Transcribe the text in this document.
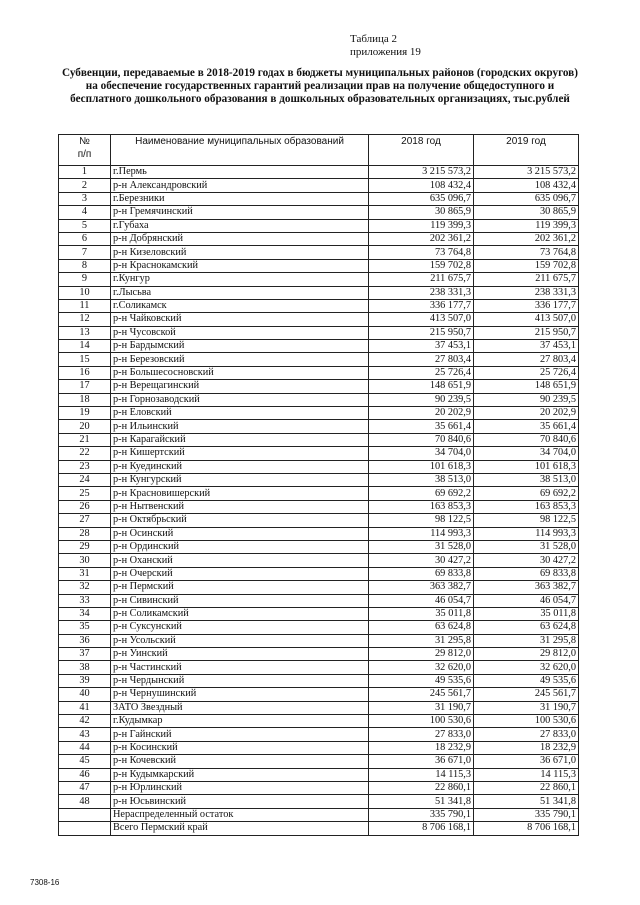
Таблица 2
приложения 19
Субвенции, передаваемые в 2018-2019 годах в бюджеты муниципальных районов (городских округов) на обеспечение государственных гарантий реализации прав на получение общедоступного и бесплатного дошкольного образования в дошкольных образовательных организациях, тыс.рублей
№
п/п	Наименование муниципальных образований	2018 год	2019 год
1	г.Пермь	3 215 573,2	3 215 573,2
2	р-н Александровский	108 432,4	108 432,4
3	г.Березники	635 096,7	635 096,7
4	р-н Гремячинский	30 865,9	30 865,9
5	г.Губаха	119 399,3	119 399,3
6	р-н Добрянский	202 361,2	202 361,2
7	р-н Кизеловский	73 764,8	73 764,8
8	р-н Краснокамский	159 702,8	159 702,8
9	г.Кунгур	211 675,7	211 675,7
10	г.Лысьва	238 331,3	238 331,3
11	г.Соликамск	336 177,7	336 177,7
12	р-н Чайковский	413 507,0	413 507,0
13	р-н Чусовской	215 950,7	215 950,7
14	р-н Бардымский	37 453,1	37 453,1
15	р-н Березовский	27 803,4	27 803,4
16	р-н Большесосновский	25 726,4	25 726,4
17	р-н Верещагинский	148 651,9	148 651,9
18	р-н Горнозаводский	90 239,5	90 239,5
19	р-н Еловский	20 202,9	20 202,9
20	р-н Ильинский	35 661,4	35 661,4
21	р-н Карагайский	70 840,6	70 840,6
22	р-н Кишертский	34 704,0	34 704,0
23	р-н Куединский	101 618,3	101 618,3
24	р-н Кунгурский	38 513,0	38 513,0
25	р-н Красновишерский	69 692,2	69 692,2
26	р-н Нытвенский	163 853,3	163 853,3
27	р-н Октябрьский	98 122,5	98 122,5
28	р-н Осинский	114 993,3	114 993,3
29	р-н Ординский	31 528,0	31 528,0
30	р-н Оханский	30 427,2	30 427,2
31	р-н Очерский	69 833,8	69 833,8
32	р-н Пермский	363 382,7	363 382,7
33	р-н Сивинский	46 054,7	46 054,7
34	р-н Соликамский	35 011,8	35 011,8
35	р-н Суксунский	63 624,8	63 624,8
36	р-н Усольский	31 295,8	31 295,8
37	р-н Уинский	29 812,0	29 812,0
38	р-н Частинский	32 620,0	32 620,0
39	р-н Чердынский	49 535,6	49 535,6
40	р-н Чернушинский	245 561,7	245 561,7
41	ЗАТО Звездный	31 190,7	31 190,7
42	г.Кудымкар	100 530,6	100 530,6
43	р-н Гайнский	27 833,0	27 833,0
44	р-н Косинский	18 232,9	18 232,9
45	р-н Кочевский	36 671,0	36 671,0
46	р-н Кудымкарский	14 115,3	14 115,3
47	р-н Юрлинский	22 860,1	22 860,1
48	р-н Юсьвинский	51 341,8	51 341,8
	Нераспределенный остаток	335 790,1	335 790,1
	Всего Пермский край	8 706 168,1	8 706 168,1
7308-16
